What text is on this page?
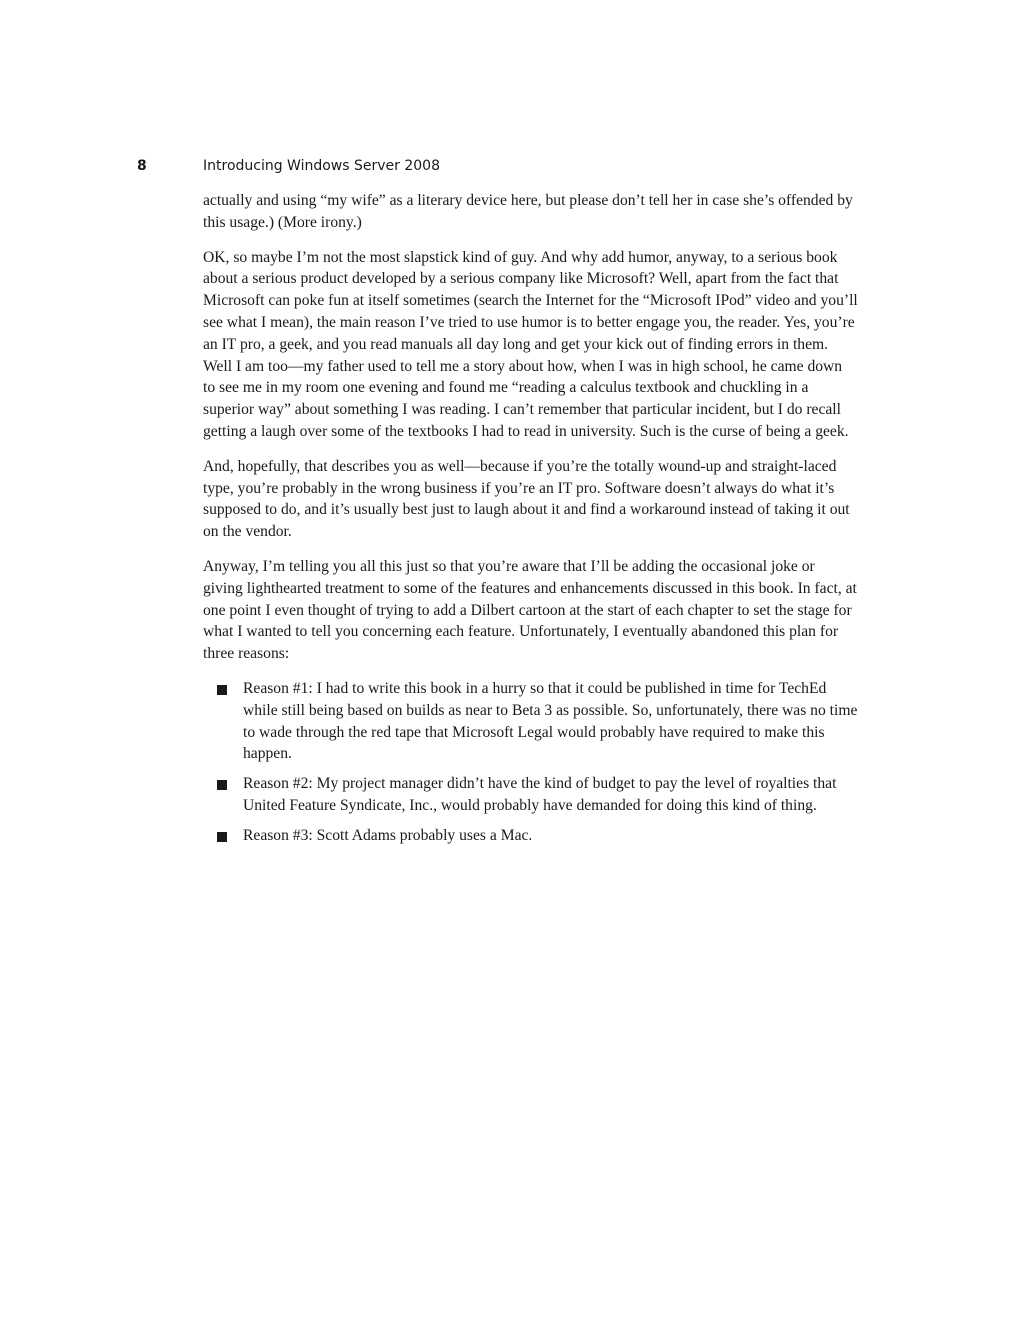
8	Introducing Windows Server 2008

actually and using “my wife” as a literary device here, but please don’t tell her in case she’s offended by this usage.) (More irony.)

OK, so maybe I’m not the most slapstick kind of guy. And why add humor, anyway, to a serious book about a serious product developed by a serious company like Microsoft? Well, apart from the fact that Microsoft can poke fun at itself sometimes (search the Internet for the “Microsoft IPod” video and you’ll see what I mean), the main reason I’ve tried to use humor is to better engage you, the reader. Yes, you’re an IT pro, a geek, and you read manuals all day long and get your kick out of finding errors in them. Well I am too—my father used to tell me a story about how, when I was in high school, he came down to see me in my room one evening and found me “reading a calculus textbook and chuckling in a superior way” about something I was reading. I can’t remember that particular incident, but I do recall getting a laugh over some of the textbooks I had to read in university. Such is the curse of being a geek.

And, hopefully, that describes you as well—because if you’re the totally wound-up and straight-laced type, you’re probably in the wrong business if you’re an IT pro. Software doesn’t always do what it’s supposed to do, and it’s usually best just to laugh about it and find a workaround instead of taking it out on the vendor.

Anyway, I’m telling you all this just so that you’re aware that I’ll be adding the occasional joke or giving lighthearted treatment to some of the features and enhancements discussed in this book. In fact, at one point I even thought of trying to add a Dilbert cartoon at the start of each chapter to set the stage for what I wanted to tell you concerning each feature. Unfortunately, I eventually abandoned this plan for three reasons:

Reason #1: I had to write this book in a hurry so that it could be published in time for TechEd while still being based on builds as near to Beta 3 as possible. So, unfortunately, there was no time to wade through the red tape that Microsoft Legal would probably have required to make this happen.
Reason #2: My project manager didn’t have the kind of budget to pay the level of royalties that United Feature Syndicate, Inc., would probably have demanded for doing this kind of thing.
Reason #3: Scott Adams probably uses a Mac.
